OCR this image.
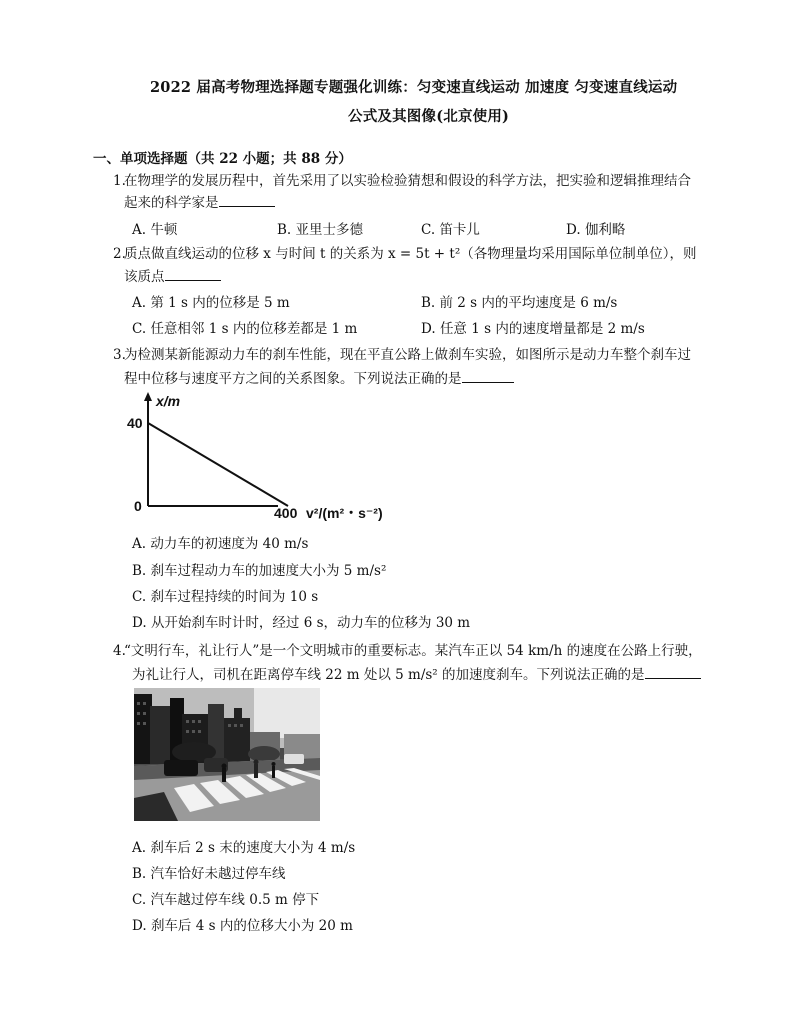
2022 届高考物理选择题专题强化训练：匀变速直线运动 加速度 匀变速直线运动
公式及其图像(北京使用)
一、单项选择题（共 22 小题；共 88 分）
1.
在物理学的发展历程中，首先采用了以实验检验猜想和假设的科学方法，把实验和逻辑推理结合
起来的科学家是
A. 牛顿	B. 亚里士多德	C. 笛卡儿	D. 伽利略
2.
质点做直线运动的位移 x 与时间 t 的关系为 x = 5t + t²（各物理量均采用国际单位制单位），则
该质点
A. 第 1 s 内的位移是 5 m	B. 前 2 s 内的平均速度是 6 m/s
C. 任意相邻 1 s 内的位移差都是 1 m	D. 任意 1 s 内的速度增量都是 2 m/s
3.
为检测某新能源动力车的刹车性能，现在平直公路上做刹车实验，如图所示是动力车整个刹车过
程中位移与速度平方之间的关系图象。下列说法正确的是
40
0
x/m
400 v²/(m²・s⁻²)
A. 动力车的初速度为 40 m/s
B. 刹车过程动力车的加速度大小为 5 m/s²
C. 刹车过程持续的时间为 10 s
D. 从开始刹车时计时，经过 6 s，动力车的位移为 30 m
4.
“文明行车，礼让行人”是一个文明城市的重要标志。某汽车正以 54 km/h 的速度在公路上行驶，
为礼让行人，司机在距离停车线 22 m 处以 5 m/s² 的加速度刹车。下列说法正确的是
A. 刹车后 2 s 末的速度大小为 4 m/s
B. 汽车恰好未越过停车线
C. 汽车越过停车线 0.5 m 停下
D. 刹车后 4 s 内的位移大小为 20 m
